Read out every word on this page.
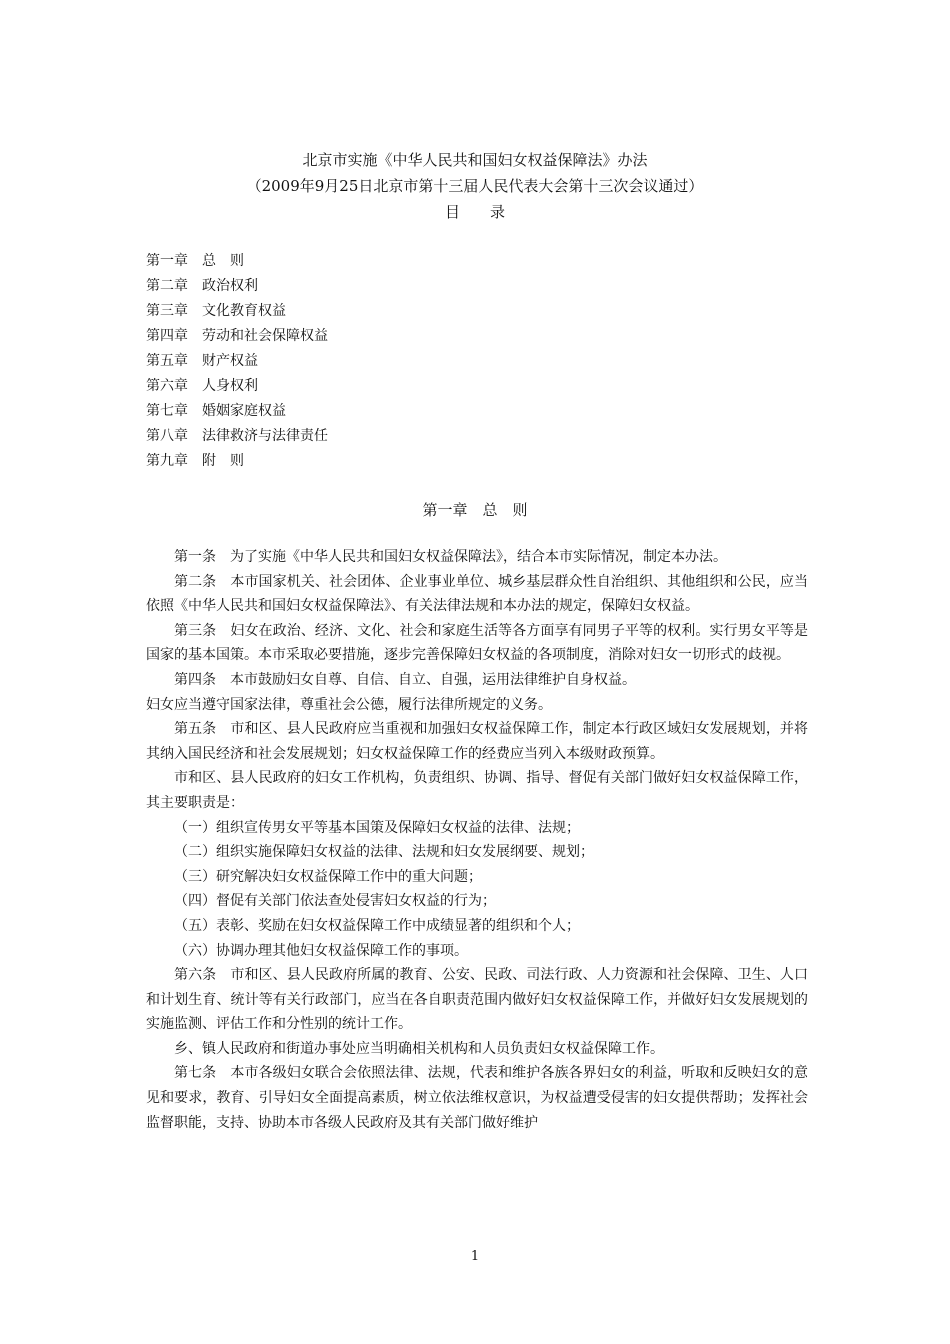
北京市实施《中华人民共和国妇女权益保障法》办法
（2009年9月25日北京市第十三届人民代表大会第十三次会议通过）
目　　录
第一章　总　则
第二章　政治权利
第三章　文化教育权益
第四章　劳动和社会保障权益
第五章　财产权益
第六章　人身权利
第七章　婚姻家庭权益
第八章　法律救济与法律责任
第九章　附　则
第一章　总　则

第一条　为了实施《中华人民共和国妇女权益保障法》，结合本市实际情况，制定本办法。

第二条　本市国家机关、社会团体、企业事业单位、城乡基层群众性自治组织、其他组织和公民，应当依照《中华人民共和国妇女权益保障法》、有关法律法规和本办法的规定，保障妇女权益。

第三条　妇女在政治、经济、文化、社会和家庭生活等各方面享有同男子平等的权利。实行男女平等是国家的基本国策。本市采取必要措施，逐步完善保障妇女权益的各项制度，消除对妇女一切形式的歧视。

第四条　本市鼓励妇女自尊、自信、自立、自强，运用法律维护自身权益。

妇女应当遵守国家法律，尊重社会公德，履行法律所规定的义务。

第五条　市和区、县人民政府应当重视和加强妇女权益保障工作，制定本行政区域妇女发展规划，并将其纳入国民经济和社会发展规划；妇女权益保障工作的经费应当列入本级财政预算。

市和区、县人民政府的妇女工作机构，负责组织、协调、指导、督促有关部门做好妇女权益保障工作，其主要职责是：

（一）组织宣传男女平等基本国策及保障妇女权益的法律、法规；

（二）组织实施保障妇女权益的法律、法规和妇女发展纲要、规划；

（三）研究解决妇女权益保障工作中的重大问题；

（四）督促有关部门依法查处侵害妇女权益的行为；

（五）表彰、奖励在妇女权益保障工作中成绩显著的组织和个人；

（六）协调办理其他妇女权益保障工作的事项。

第六条　市和区、县人民政府所属的教育、公安、民政、司法行政、人力资源和社会保障、卫生、人口和计划生育、统计等有关行政部门，应当在各自职责范围内做好妇女权益保障工作，并做好妇女发展规划的实施监测、评估工作和分性别的统计工作。

乡、镇人民政府和街道办事处应当明确相关机构和人员负责妇女权益保障工作。

第七条　本市各级妇女联合会依照法律、法规，代表和维护各族各界妇女的利益，听取和反映妇女的意见和要求，教育、引导妇女全面提高素质，树立依法维权意识，为权益遭受侵害的妇女提供帮助；发挥社会监督职能，支持、协助本市各级人民政府及其有关部门做好维护

1
